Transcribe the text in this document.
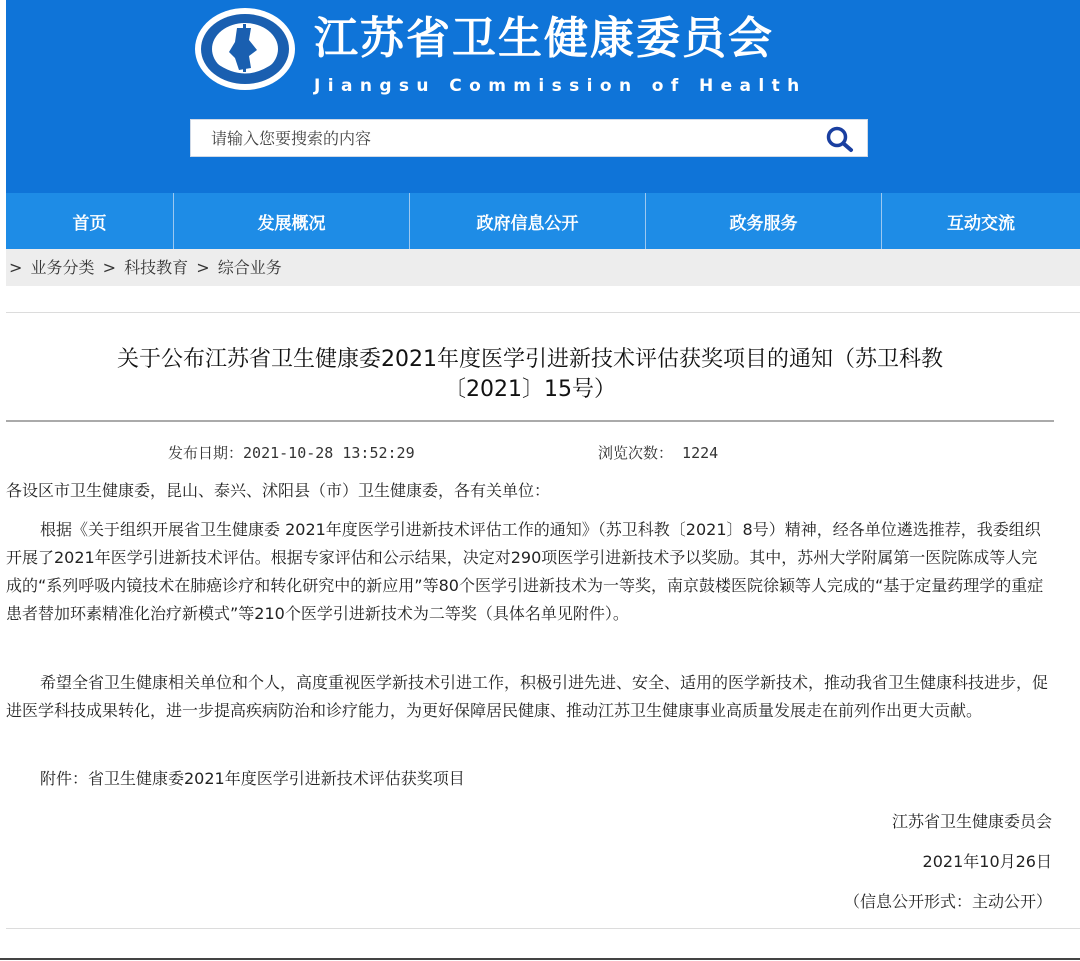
江苏省卫生健康委员会
Jiangsu Commission of Health
请输入您要搜索的内容
首页	发展概况	政府信息公开	政务服务	互动交流
> 业务分类 > 科技教育 > 综合业务
关于公布江苏省卫生健康委2021年度医学引进新技术评估获奖项目的通知（苏卫科教
〔2021〕15号）
发布日期：2021-10-28 13:52:29	浏览次数： 1224
各设区市卫生健康委，昆山、泰兴、沭阳县（市）卫生健康委，各有关单位：
根据《关于组织开展省卫生健康委 2021年度医学引进新技术评估工作的通知》（苏卫科教〔2021〕8号）精神，经各单位遴选推荐，我委组织开展了2021年医学引进新技术评估。根据专家评估和公示结果，决定对290项医学引进新技术予以奖励。其中，苏州大学附属第一医院陈成等人完成的“系列呼吸内镜技术在肺癌诊疗和转化研究中的新应用”等80个医学引进新技术为一等奖，南京鼓楼医院徐颖等人完成的“基于定量药理学的重症患者替加环素精准化治疗新模式”等210个医学引进新技术为二等奖（具体名单见附件）。
希望全省卫生健康相关单位和个人，高度重视医学新技术引进工作，积极引进先进、安全、适用的医学新技术，推动我省卫生健康科技进步，促进医学科技成果转化，进一步提高疾病防治和诊疗能力，为更好保障居民健康、推动江苏卫生健康事业高质量发展走在前列作出更大贡献。
附件：省卫生健康委2021年度医学引进新技术评估获奖项目
江苏省卫生健康委员会
2021年10月26日
（信息公开形式：主动公开）
